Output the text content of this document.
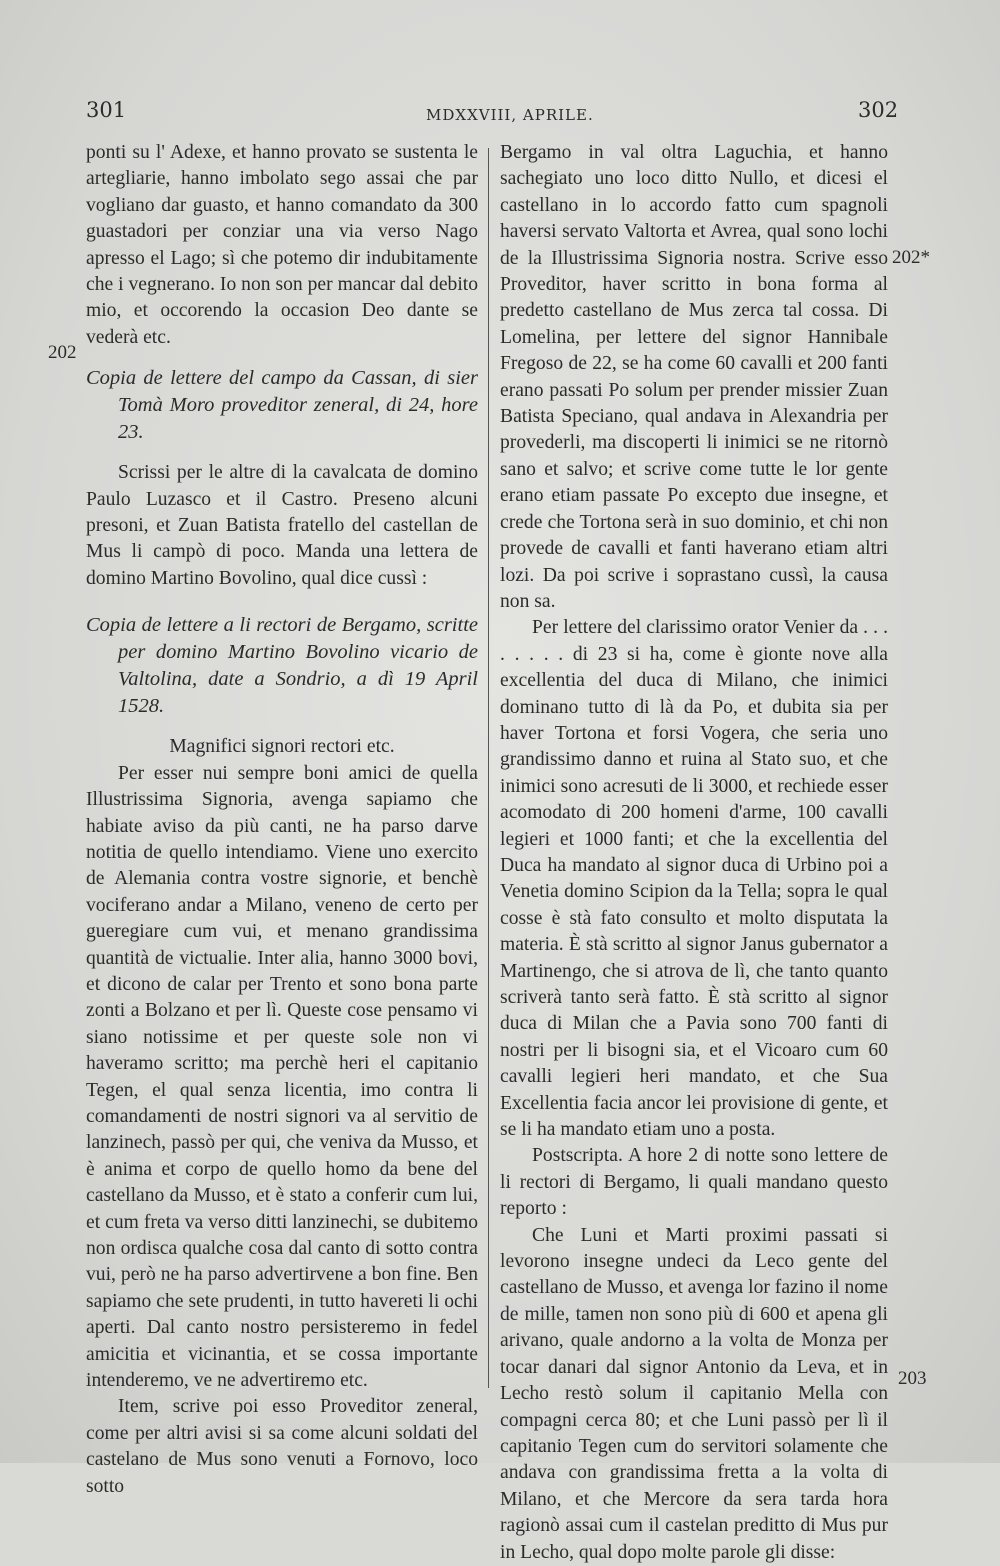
301	MDXXVIII, APRILE.	302
202
202*
203

ponti su l' Adexe, et hanno provato se sustenta le artegliarie, hanno imbolato sego assai che par vogliano dar guasto, et hanno comandato da 300 guastadori per conziar una via verso Nago apresso el Lago; sì che potemo dir indubitamente che i vegnerano. Io non son per mancar dal debito mio, et occorendo la occasion Deo dante se vederà etc.

Copia de lettere del campo da Cassan, di sier Tomà Moro proveditor zeneral, di 24, hore 23.

Scrissi per le altre di la cavalcata de domino Paulo Luzasco et il Castro. Preseno alcuni presoni, et Zuan Batista fratello del castellan de Mus li campò di poco. Manda una lettera de domino Martino Bovolino, qual dice cussì :

Copia de lettere a li rectori de Bergamo, scritte per domino Martino Bovolino vicario de Valtolina, date a Sondrio, a dì 19 April 1528.

Magnifici signori rectori etc.

Per esser nui sempre boni amici de quella Illustrissima Signoria, avenga sapiamo che habiate aviso da più canti, ne ha parso darve notitia de quello intendiamo. Viene uno exercito de Alemania contra vostre signorie, et benchè vociferano andar a Milano, veneno de certo per gueregiare cum vui, et menano grandissima quantità de victualie. Inter alia, hanno 3000 bovi, et dicono de calar per Trento et sono bona parte zonti a Bolzano et per lì. Queste cose pensamo vi siano notissime et per queste sole non vi haveramo scritto; ma perchè heri el capitanio Tegen, el qual senza licentia, imo contra li comandamenti de nostri signori va al servitio de lanzinech, passò per qui, che veniva da Musso, et è anima et corpo de quello homo da bene del castellano da Musso, et è stato a conferir cum lui, et cum freta va verso ditti lanzinechi, se dubitemo non ordisca qualche cosa dal canto di sotto contra vui, però ne ha parso advertirvene a bon fine. Ben sapiamo che sete prudenti, in tutto havereti li ochi aperti. Dal canto nostro persisteremo in fedel amicitia et vicinantia, et se cossa importante intenderemo, ve ne advertiremo etc.

Item, scrive poi esso Proveditor zeneral, come per altri avisi si sa come alcuni soldati del castelano de Mus sono venuti a Fornovo, loco sotto

Bergamo in val oltra Laguchia, et hanno sachegiato uno loco ditto Nullo, et dicesi el castellano in lo accordo fatto cum spagnoli haversi servato Valtorta et Avrea, qual sono lochi de la Illustrissima Signoria nostra. Scrive esso Proveditor, haver scritto in bona forma al predetto castellano de Mus zerca tal cossa. Di Lomelina, per lettere del signor Hannibale Fregoso de 22, se ha come 60 cavalli et 200 fanti erano passati Po solum per prender missier Zuan Batista Speciano, qual andava in Alexandria per provederli, ma discoperti li inimici se ne ritornò sano et salvo; et scrive come tutte le lor gente erano etiam passate Po excepto due insegne, et crede che Tortona serà in suo dominio, et chi non provede de cavalli et fanti haverano etiam altri lozi. Da poi scrive i soprastano cussì, la causa non sa.

Per lettere del clarissimo orator Venier da . . . . . . . . di 23 si ha, come è gionte nove alla excellentia del duca di Milano, che inimici dominano tutto di là da Po, et dubita sia per haver Tortona et forsi Vogera, che seria uno grandissimo danno et ruina al Stato suo, et che inimici sono acresuti de li 3000, et rechiede esser acomodato di 200 homeni d'arme, 100 cavalli legieri et 1000 fanti; et che la excellentia del Duca ha mandato al signor duca di Urbino poi a Venetia domino Scipion da la Tella; sopra le qual cosse è stà fato consulto et molto disputata la materia. È stà scritto al signor Janus gubernator a Martinengo, che si atrova de lì, che tanto quanto scriverà tanto serà fatto. È stà scritto al signor duca di Milan che a Pavia sono 700 fanti di nostri per li bisogni sia, et el Vicoaro cum 60 cavalli legieri heri mandato, et che Sua Excellentia facia ancor lei provisione di gente, et se li ha mandato etiam uno a posta.

Postscripta. A hore 2 di notte sono lettere de li rectori di Bergamo, li quali mandano questo reporto :

Che Luni et Marti proximi passati si levorono insegne undeci da Leco gente del castellano de Musso, et avenga lor fazino il nome de mille, tamen non sono più di 600 et apena gli arivano, quale andorno a la volta de Monza per tocar danari dal signor Antonio da Leva, et in Lecho restò solum il capitanio Mella con compagni cerca 80; et che Luni passò per lì il capitanio Tegen cum do servitori solamente che andava con grandissima fretta a la volta di Milano, et che Mercore da sera tarda hora ragionò assai cum il castelan preditto di Mus pur in Lecho, qual dopo molte parole gli disse:
